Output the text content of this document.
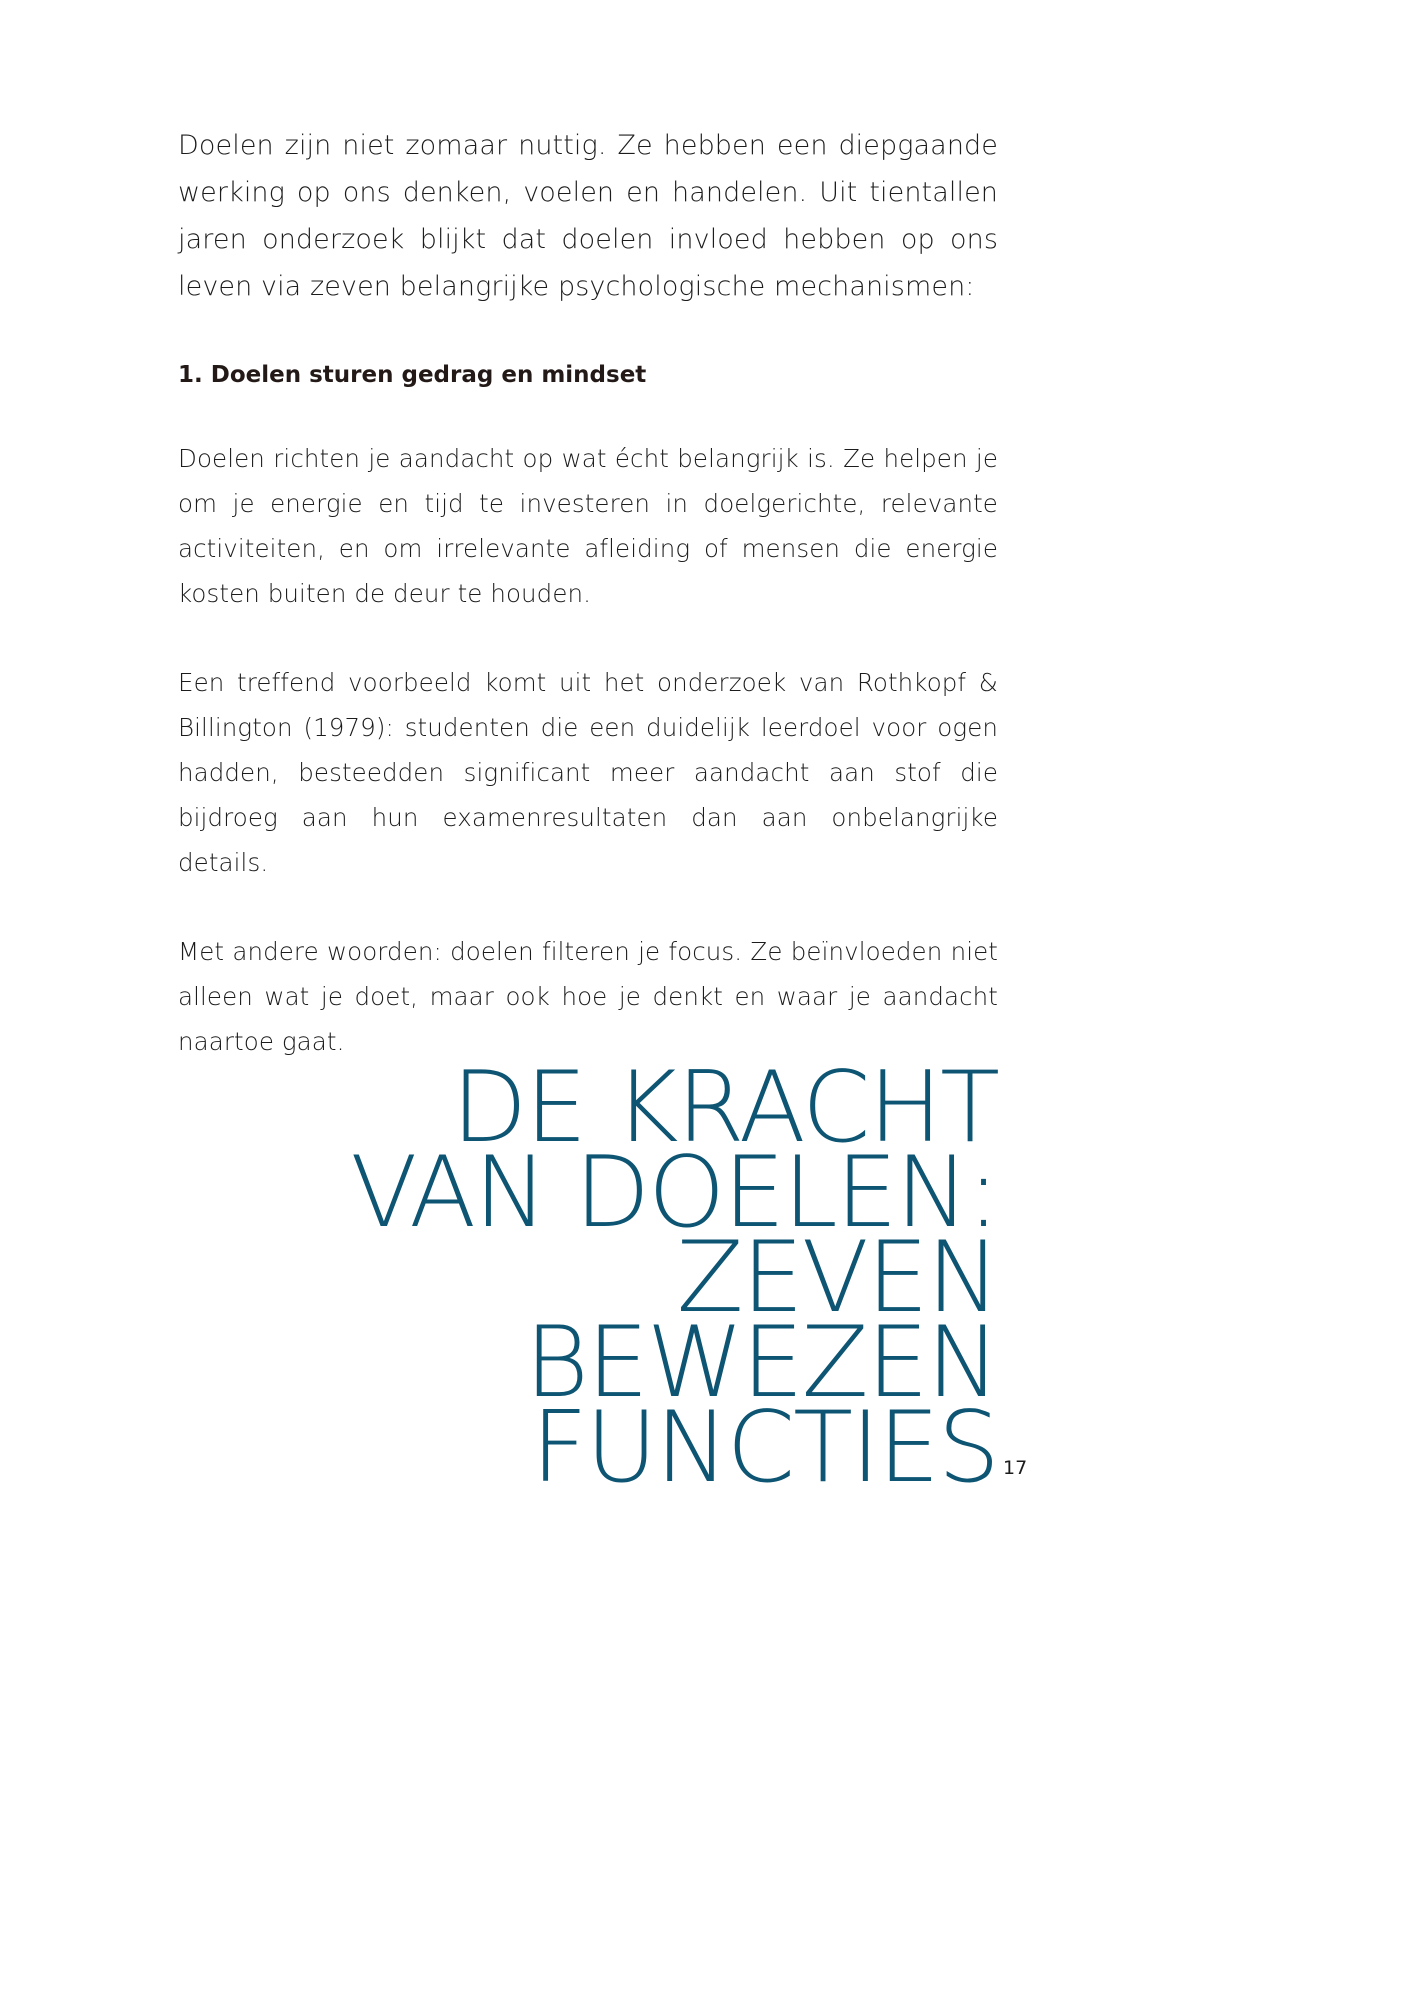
Doelen zijn niet zomaar nuttig. Ze hebben een diepgaande werking op ons denken, voelen en handelen. Uit tientallen jaren onderzoek blijkt dat doelen invloed hebben op ons leven via zeven belangrijke psychologische mechanismen:

1. Doelen sturen gedrag en mindset

Doelen richten je aandacht op wat écht belangrijk is. Ze helpen je om je energie en tijd te investeren in doelgerichte, relevante activiteiten, en om irrelevante afleiding of mensen die energie kosten buiten de deur te houden.

Een treffend voorbeeld komt uit het onderzoek van Rothkopf & Billington (1979): studenten die een duidelijk leerdoel voor ogen hadden, besteedden significant meer aandacht aan stof die bijdroeg aan hun examenresultaten dan aan onbelangrijke details.

Met andere woorden: doelen filteren je focus. Ze beïnvloeden niet alleen wat je doet, maar ook hoe je denkt en waar je aandacht naartoe gaat.

DE KRACHT
VAN DOELEN:
ZEVEN
BEWEZEN
FUNCTIES 17
